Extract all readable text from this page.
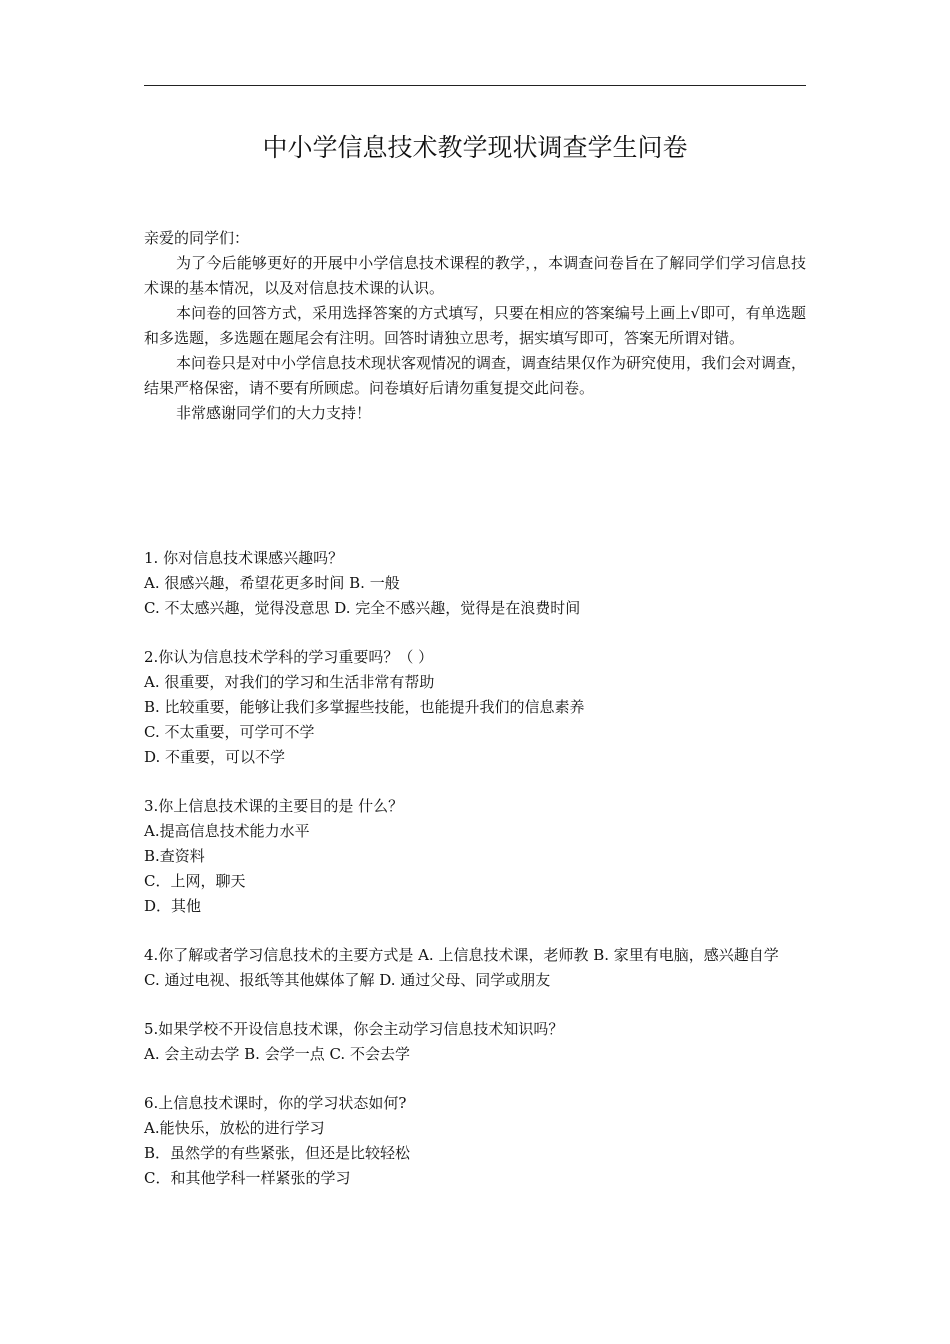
中小学信息技术教学现状调查学生问卷

亲爱的同学们：

为了今后能够更好的开展中小学信息技术课程的教学，，本调查问卷旨在了解同学们学习信息技术课的基本情况，以及对信息技术课的认识。

本问卷的回答方式，采用选择答案的方式填写，只要在相应的答案编号上画上√即可，有单选题和多选题，多选题在题尾会有注明。回答时请独立思考，据实填写即可，答案无所谓对错。

本问卷只是对中小学信息技术现状客观情况的调查，调查结果仅作为研究使用，我们会对调查，结果严格保密，请不要有所顾虑。问卷填好后请勿重复提交此问卷。

非常感谢同学们的大力支持！

1. 你对信息技术课感兴趣吗？

A. 很感兴趣，希望花更多时间 B. 一般

C. 不太感兴趣，觉得没意思 D. 完全不感兴趣，觉得是在浪费时间

2.你认为信息技术学科的学习重要吗？（ ）

A. 很重要，对我们的学习和生活非常有帮助

B. 比较重要，能够让我们多掌握些技能，也能提升我们的信息素养

C. 不太重要，可学可不学

D. 不重要，可以不学

3.你上信息技术课的主要目的是 什么？

A.提高信息技术能力水平

B.查资料

C．上网，聊天

D．其他

4.你了解或者学习信息技术的主要方式是 A. 上信息技术课，老师教 B. 家里有电脑，感兴趣自学

C. 通过电视、报纸等其他媒体了解 D. 通过父母、同学或朋友

5.如果学校不开设信息技术课，你会主动学习信息技术知识吗？

A. 会主动去学 B. 会学一点 C. 不会去学

6.上信息技术课时，你的学习状态如何?

A.能快乐，放松的进行学习

B．虽然学的有些紧张，但还是比较轻松

C．和其他学科一样紧张的学习
